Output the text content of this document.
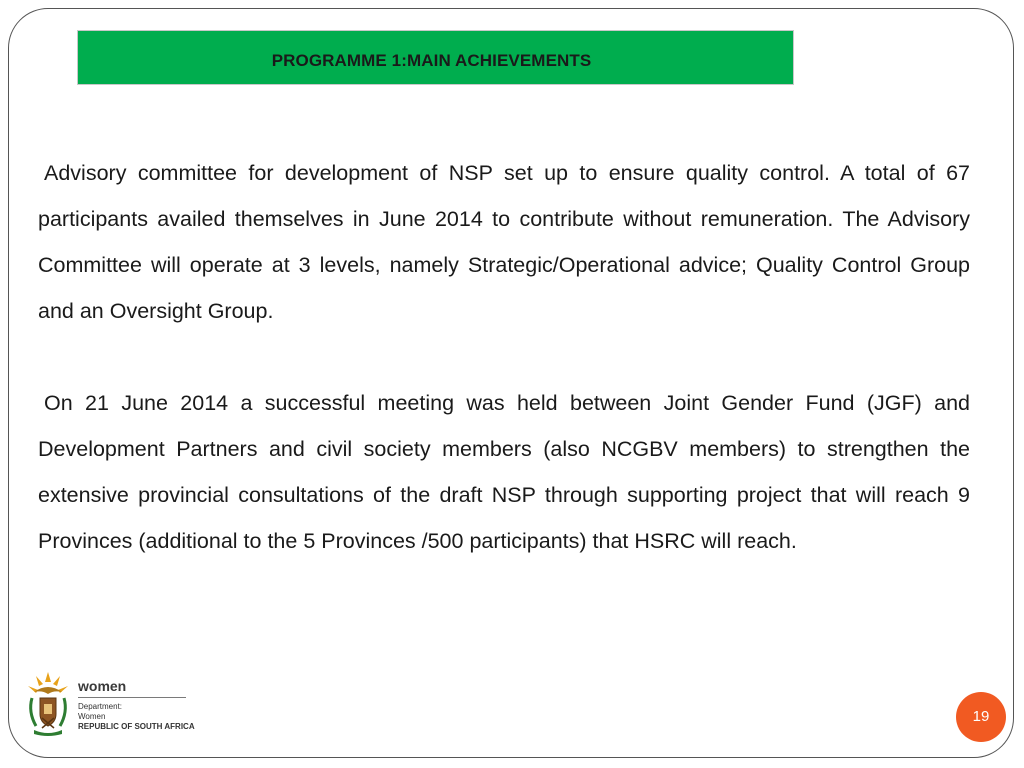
PROGRAMME 1:MAIN ACHIEVEMENTS

Advisory committee for development of NSP set up to ensure quality control. A total of 67 participants availed themselves in June 2014 to contribute without remuneration. The Advisory Committee will operate at 3 levels, namely Strategic/Operational advice; Quality Control Group and an Oversight Group.

On 21 June 2014 a successful meeting was held between Joint Gender Fund (JGF) and Development Partners and civil society members (also NCGBV members) to strengthen the extensive provincial consultations of the draft NSP through supporting project that will reach 9 Provinces (additional to the 5 Provinces /500 participants) that HSRC will reach.

women
Department:
Women
REPUBLIC OF SOUTH AFRICA
19
